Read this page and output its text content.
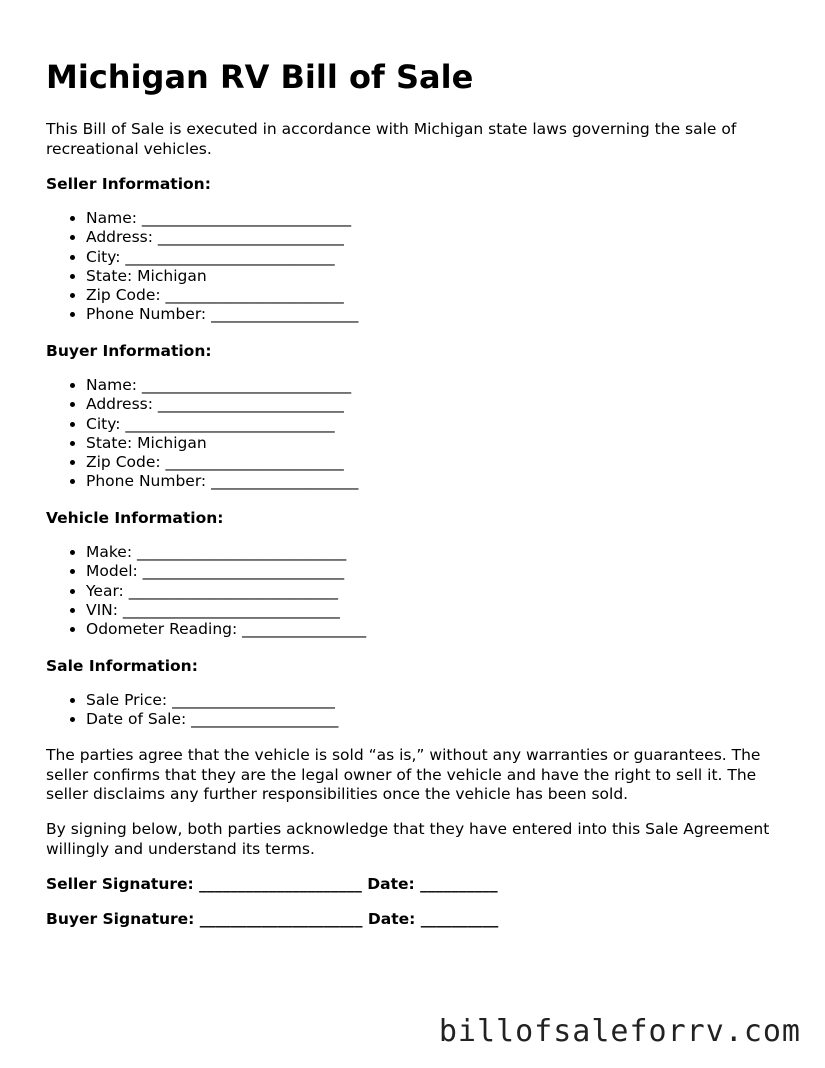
Michigan RV Bill of Sale

This Bill of Sale is executed in accordance with Michigan state laws governing the sale of recreational vehicles.

Seller Information:

• Name: ___________________________
• Address: ________________________
• City: ___________________________
• State: Michigan
• Zip Code: _______________________
• Phone Number: ___________________

Buyer Information:

• Name: ___________________________
• Address: ________________________
• City: ___________________________
• State: Michigan
• Zip Code: _______________________
• Phone Number: ___________________

Vehicle Information:

• Make: ___________________________
• Model: __________________________
• Year: ___________________________
• VIN: ____________________________
• Odometer Reading: ________________

Sale Information:

• Sale Price: _____________________
• Date of Sale: ___________________

The parties agree that the vehicle is sold “as is,” without any warranties or guarantees. The seller confirms that they are the legal owner of the vehicle and have the right to sell it. The seller disclaims any further responsibilities once the vehicle has been sold.

By signing below, both parties acknowledge that they have entered into this Sale Agreement willingly and understand its terms.

Seller Signature: _____________________ Date: __________

Buyer Signature: _____________________ Date: __________

billofsaleforrv.com
